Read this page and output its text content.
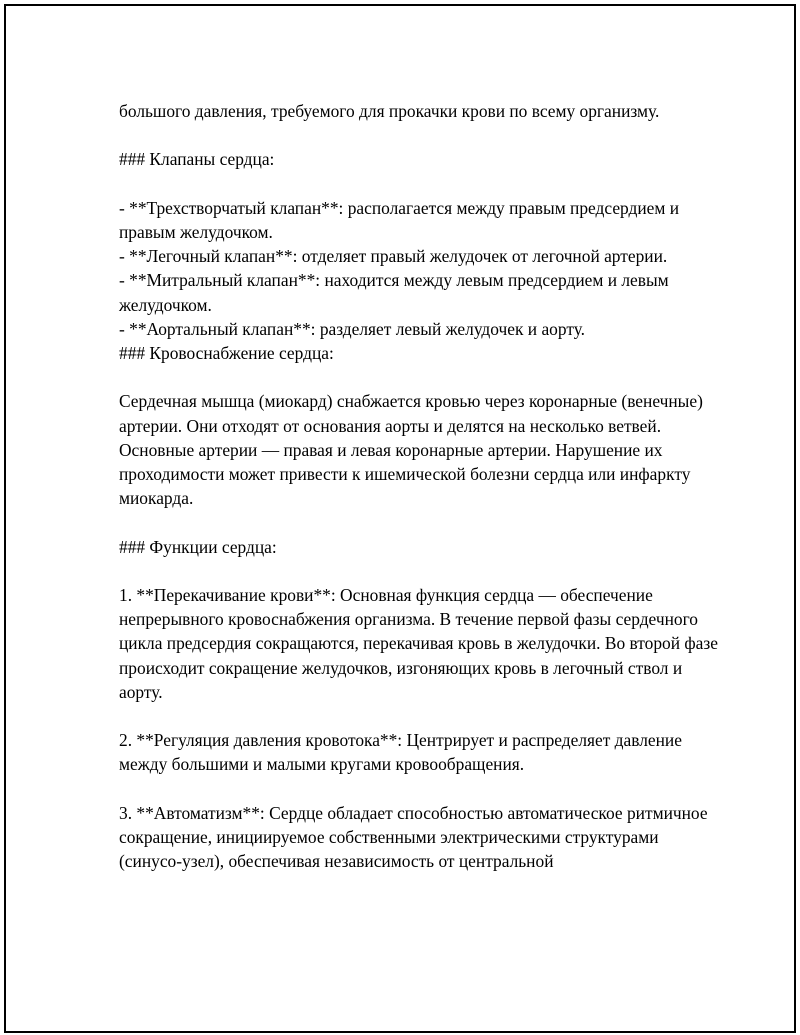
большого давления, требуемого для прокачки крови по всему организму.

### Клапаны сердца:

- **Трехстворчатый клапан**: располагается между правым предсердием и правым желудочком.

- **Легочный клапан**: отделяет правый желудочек от легочной артерии.

- **Митральный клапан**: находится между левым предсердием и левым желудочком.

- **Аортальный клапан**: разделяет левый желудочек и аорту.

### Кровоснабжение сердца:

Сердечная мышца (миокард) снабжается кровью через коронарные (венечные) артерии. Они отходят от основания аорты и делятся на несколько ветвей. Основные артерии — правая и левая коронарные артерии. Нарушение их проходимости может привести к ишемической болезни сердца или инфаркту миокарда.

### Функции сердца:

1. **Перекачивание крови**: Основная функция сердца — обеспечение непрерывного кровоснабжения организма. В течение первой фазы сердечного цикла предсердия сокращаются, перекачивая кровь в желудочки. Во второй фазе происходит сокращение желудочков, изгоняющих кровь в легочный ствол и аорту.

2. **Регуляция давления кровотока**: Центрирует и распределяет давление между большими и малыми кругами кровообращения.

3. **Автоматизм**: Сердце обладает способностью автоматическое ритмичное сокращение, инициируемое собственными электрическими структурами (синусо-узел), обеспечивая независимость от центральной
